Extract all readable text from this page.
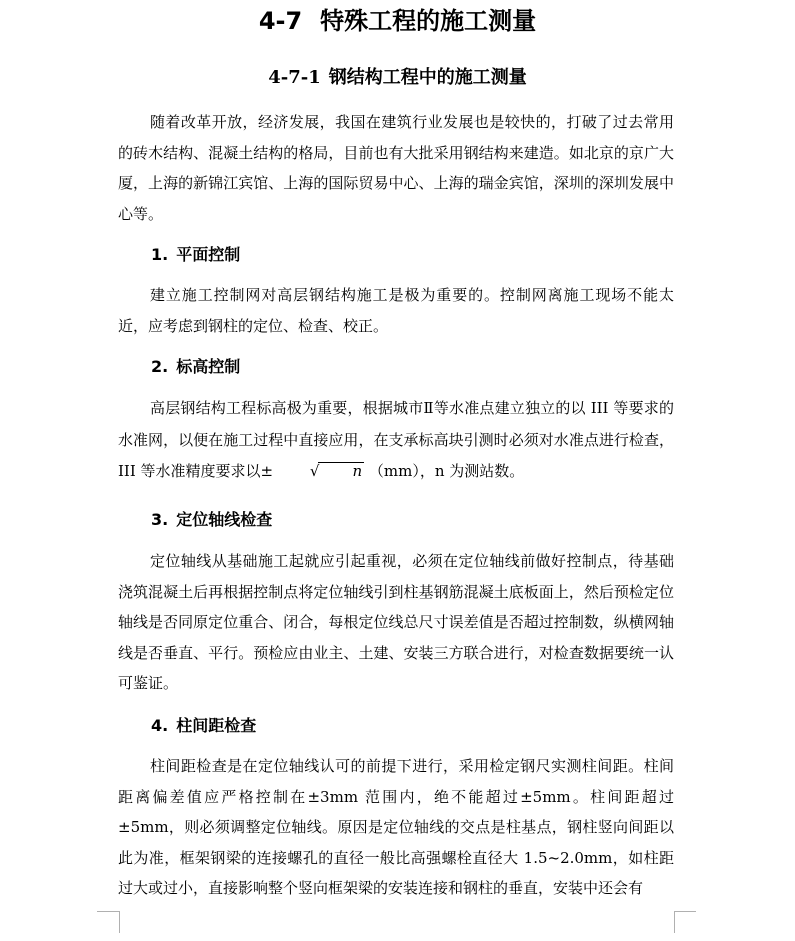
4-7 特殊工程的施工测量
4-7-1 钢结构工程中的施工测量

随着改革开放，经济发展，我国在建筑行业发展也是较快的，打破了过去常用的砖木结构、混凝土结构的格局，目前也有大批采用钢结构来建造。如北京的京广大厦，上海的新锦江宾馆、上海的国际贸易中心、上海的瑞金宾馆，深圳的深圳发展中心等。

1. 平面控制

建立施工控制网对高层钢结构施工是极为重要的。控制网离施工现场不能太近，应考虑到钢柱的定位、检查、校正。

2. 标高控制

高层钢结构工程标高极为重要，根据城市Ⅱ等水准点建立独立的以 III 等要求的水准网，以便在施工过程中直接应用，在支承标高块引测时必须对水准点进行检查，III 等水准精度要求以± √ n （mm），n 为测站数。

3. 定位轴线检查

定位轴线从基础施工起就应引起重视，必须在定位轴线前做好控制点，待基础浇筑混凝土后再根据控制点将定位轴线引到柱基钢筋混凝土底板面上，然后预检定位轴线是否同原定位重合、闭合，每根定位线总尺寸误差值是否超过控制数，纵横网轴线是否垂直、平行。预检应由业主、土建、安装三方联合进行，对检查数据要统一认可鉴证。

4. 柱间距检查

柱间距检查是在定位轴线认可的前提下进行，采用检定钢尺实测柱间距。柱间距离偏差值应严格控制在±3mm 范围内，绝不能超过±5mm。柱间距超过±5mm，则必须调整定位轴线。原因是定位轴线的交点是柱基点，钢柱竖向间距以此为准，框架钢梁的连接螺孔的直径一般比高强螺栓直径大 1.5~2.0mm，如柱距过大或过小，直接影响整个竖向框架梁的安装连接和钢柱的垂直，安装中还会有
